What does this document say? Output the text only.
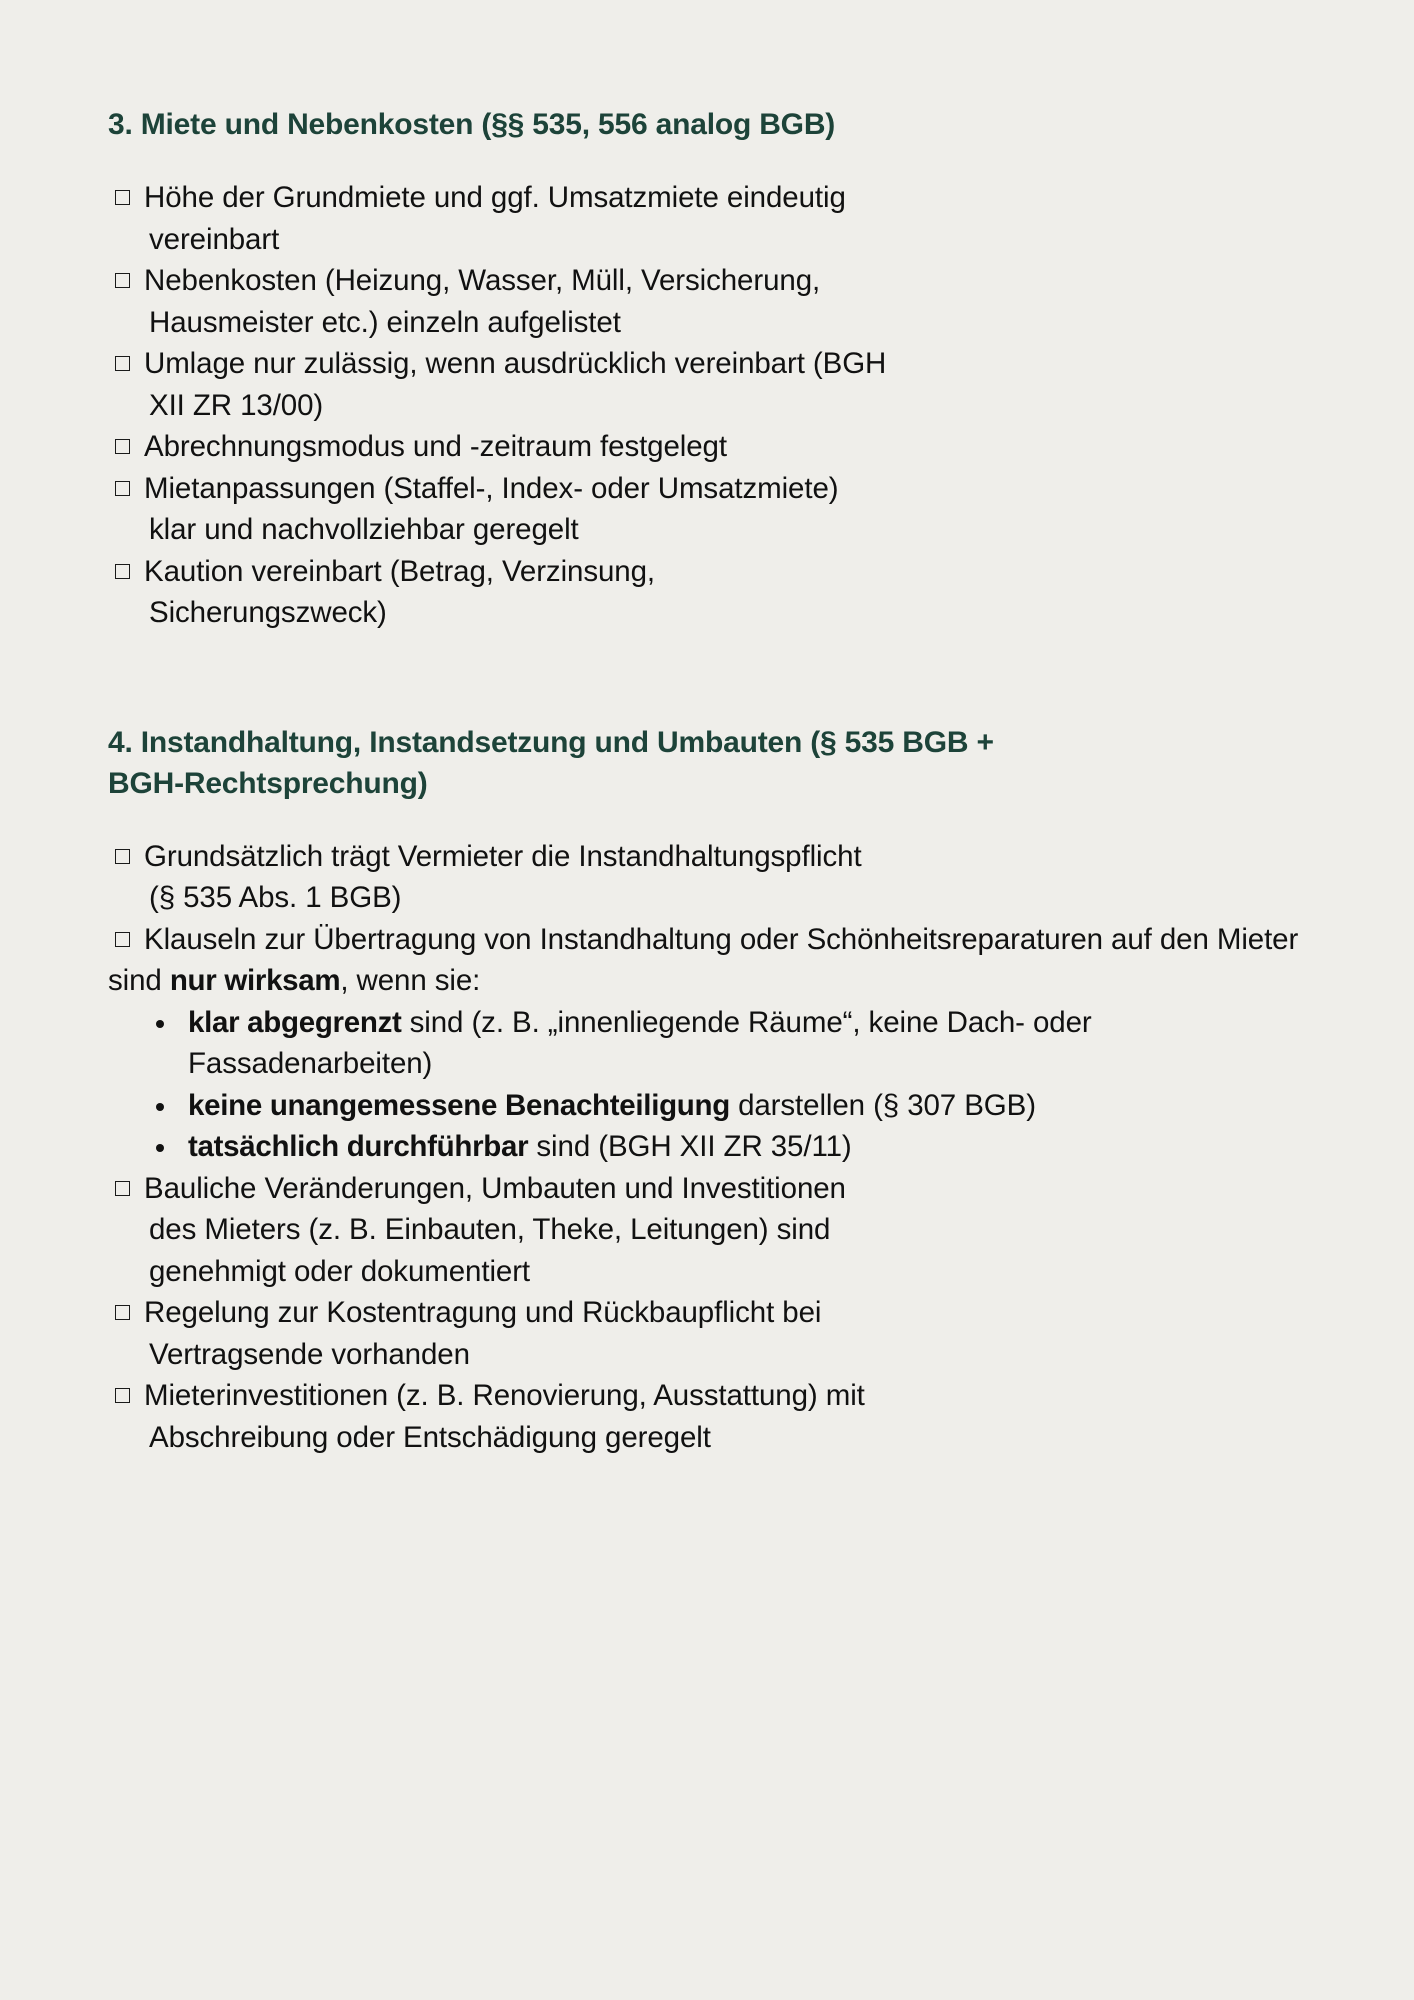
3. Miete und Nebenkosten (§§ 535, 556 analog BGB)
Höhe der Grundmiete und ggf. Umsatzmiete eindeutig
vereinbart
Nebenkosten (Heizung, Wasser, Müll, Versicherung,
Hausmeister etc.) einzeln aufgelistet
Umlage nur zulässig, wenn ausdrücklich vereinbart (BGH
XII ZR 13/00)
Abrechnungsmodus und -zeitraum festgelegt
Mietanpassungen (Staffel-, Index- oder Umsatzmiete)
klar und nachvollziehbar geregelt
Kaution vereinbart (Betrag, Verzinsung,
Sicherungszweck)
4. Instandhaltung, Instandsetzung und Umbauten (§ 535 BGB + BGH-Rechtsprechung)
Grundsätzlich trägt Vermieter die Instandhaltungspflicht
(§ 535 Abs. 1 BGB)
Klauseln zur Übertragung von Instandhaltung oder Schönheitsreparaturen auf den Mieter sind nur wirksam, wenn sie:
klar abgegrenzt sind (z. B. „innenliegende Räume“, keine Dach- oder Fassadenarbeiten)
keine unangemessene Benachteiligung darstellen (§ 307 BGB)
tatsächlich durchführbar sind (BGH XII ZR 35/11)
Bauliche Veränderungen, Umbauten und Investitionen
des Mieters (z. B. Einbauten, Theke, Leitungen) sind
genehmigt oder dokumentiert
Regelung zur Kostentragung und Rückbaupflicht bei
Vertragsende vorhanden
Mieterinvestitionen (z. B. Renovierung, Ausstattung) mit
Abschreibung oder Entschädigung geregelt
